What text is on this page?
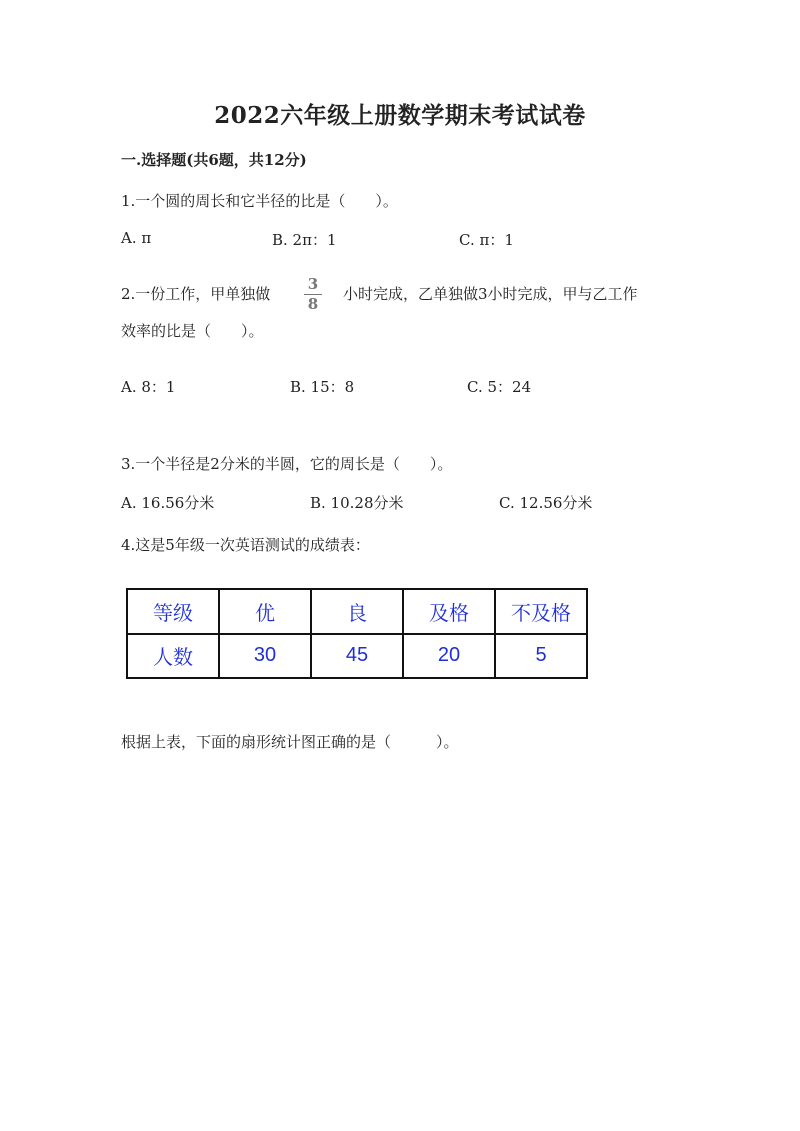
2022六年级上册数学期末考试试卷
一.选择题(共6题，共12分)
1.一个圆的周长和它半径的比是（　　）。
A. π	B. 2π：1	C. π：1
2.一份工作，甲单独做
3
8
小时完成，乙单独做3小时完成，甲与乙工作
效率的比是（　　）。
A. 8：1	B. 15：8	C. 5：24
3.一个半径是2分米的半圆，它的周长是（　　）。
A. 16.56分米	B. 10.28分米	C. 12.56分米
4.这是5年级一次英语测试的成绩表：
等级	优	良	及格	不及格
人数	30	45	20	5
根据上表，下面的扇形统计图正确的是（　　　）。
